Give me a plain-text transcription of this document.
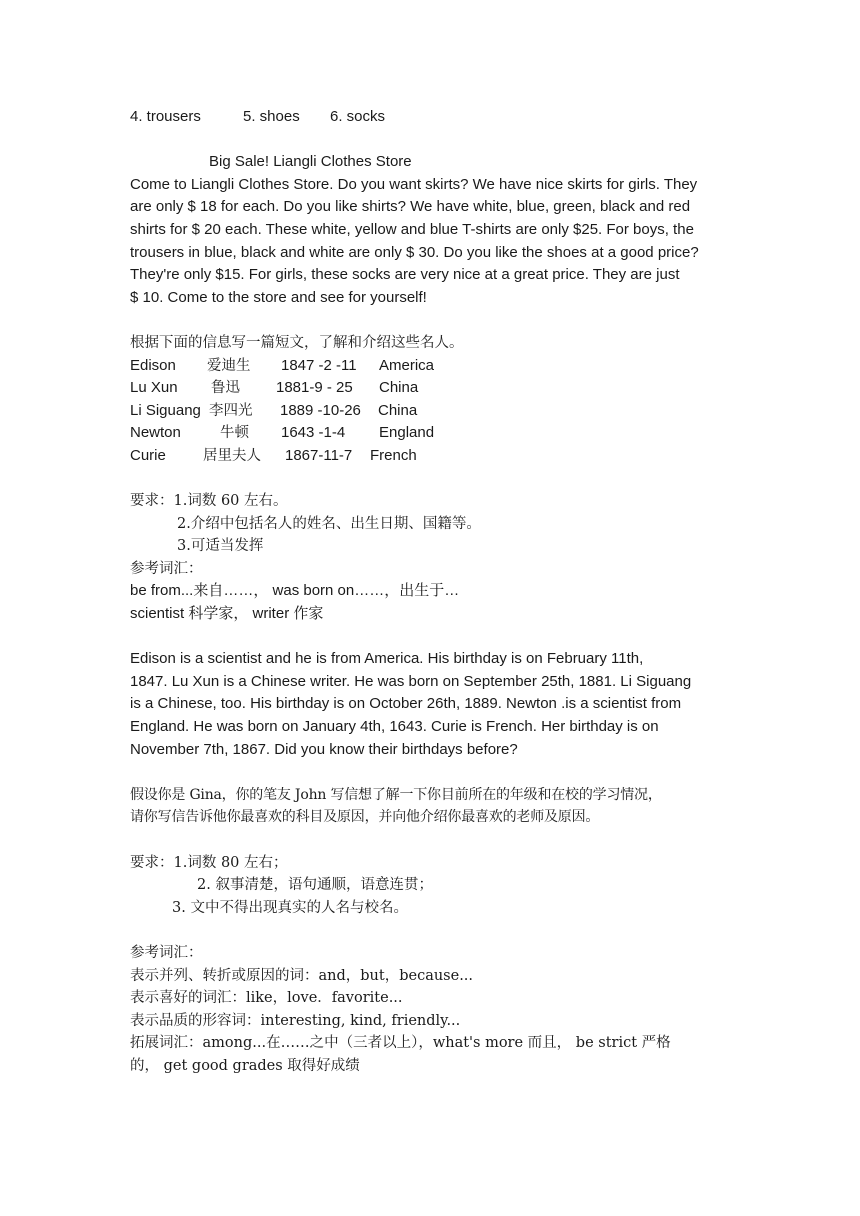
4. trousers	5. shoes 6. socks
Big Sale! Liangli Clothes Store
Come to Liangli Clothes Store. Do you want skirts? We have nice skirts for girls. They
are only $ 18 for each. Do you like shirts? We have white, blue, green, black and red
shirts for $ 20 each. These white, yellow and blue T-shirts are only $25. For boys, the
trousers in blue, black and white are only $ 30. Do you like the shoes at a good price?
They're only $15. For girls, these socks are very nice at a great price. They are just
$ 10. Come to the store and see for yourself!
根据下面的信息写一篇短文，了解和介绍这些名人。
Edison 爱迪生 1847 -2 -11 America
Lu Xun 鲁迅 1881-9 - 25 China
Li Siguang 李四光 1889 -10-26 China
Newton	牛顿 1643 -1-4 England
Curie	居里夫人 1867-11-7 French
要求：1.词数 60 左右。
2.介绍中包括名人的姓名、出生日期、国籍等。
3.可适当发挥
参考词汇：
be from...来自……， was born on……，出生于…
scientist 科学家， writer 作家
Edison is a scientist and he is from America. His birthday is on February 11th,
1847. Lu Xun is a Chinese writer. He was born on September 25th, 1881. Li Siguang
is a Chinese, too. His birthday is on October 26th, 1889. Newton .is a scientist from
England. He was born on January 4th, 1643. Curie is French. Her birthday is on
November 7th, 1867. Did you know their birthdays before?
假设你是 Gina，你的笔友 John 写信想了解一下你目前所在的年级和在校的学习情况，
请你写信告诉他你最喜欢的科目及原因，并向他介绍你最喜欢的老师及原因。
要求：1.词数 80 左右；
2. 叙事清楚，语句通顺，语意连贯；
3. 文中不得出现真实的人名与校名。
参考词汇：
表示并列、转折或原因的词：and，but，because...
表示喜好的词汇：like，love．favorite...
表示品质的形容词：interesting, kind, friendly...
拓展词汇：among...在……之中（三者以上），what's more 而且， be strict 严格
的， get good grades 取得好成绩
